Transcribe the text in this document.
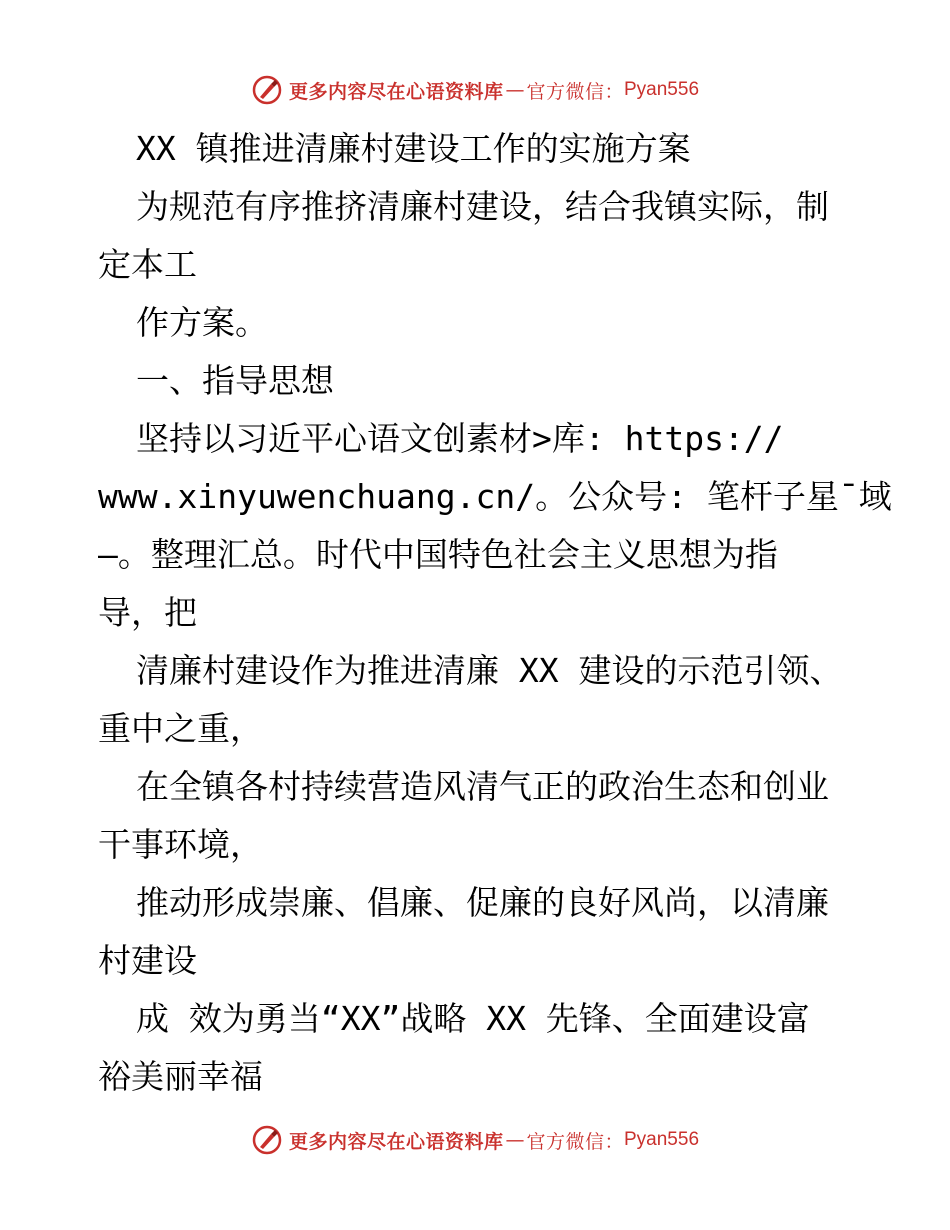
更多内容尽在心语资料库 — 官方微信： Pyan556
XX 镇推进清廉村建设工作的实施方案
为规范有序推挤清廉村建设，结合我镇实际，制
定本工
作方案。
一、指导思想
坚持以习近平心语文创素材>库: https://
www.xinyuwenchuang.cn/。公众号: 笔杆子星¯域
—。整理汇总。时代中国特色社会主义思想为指
导，把
清廉村建设作为推进清廉 XX 建设的示范引领、
重中之重，
在全镇各村持续营造风清气正的政治生态和创业
干事环境，
推动形成崇廉、倡廉、促廉的良好风尚，以清廉
村建设
成 效为勇当“XX”战略 XX 先锋、全面建设富
裕美丽幸福
更多内容尽在心语资料库 — 官方微信： Pyan556
